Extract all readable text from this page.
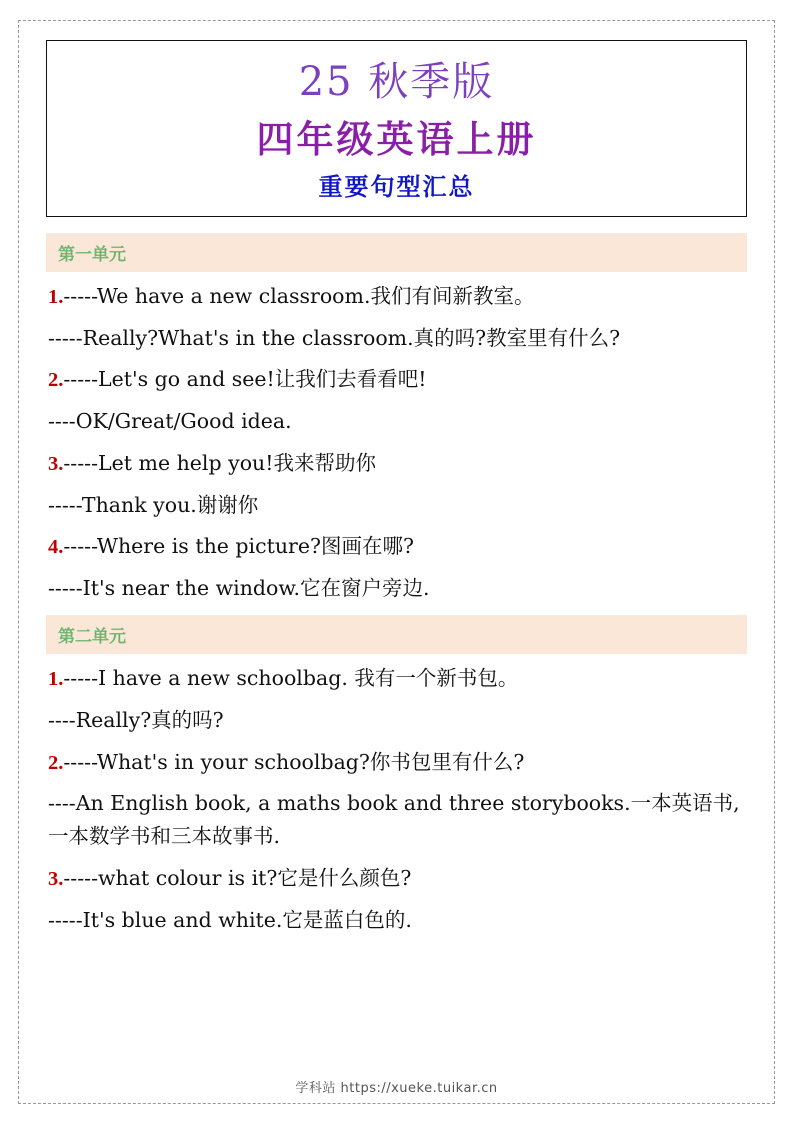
25 秋季版
四年级英语上册
重要句型汇总
第一单元
1.-----We have a new classroom.我们有间新教室。
-----Really?What's in the classroom.真的吗?教室里有什么?
2.-----Let's go and see!让我们去看看吧!
----OK/Great/Good idea.
3.-----Let me help you!我来帮助你
-----Thank you.谢谢你
4.-----Where is the picture?图画在哪?
-----It's near the window.它在窗户旁边.
第二单元
1.-----I have a new schoolbag. 我有一个新书包。
----Really?真的吗?
2.-----What's in your schoolbag?你书包里有什么?
----An English book, a maths book and three storybooks.一本英语书,一本数学书和三本故事书.
3.-----what colour is it?它是什么颜色?
-----It's blue and white.它是蓝白色的.
学科站 https://xueke.tuikar.cn
